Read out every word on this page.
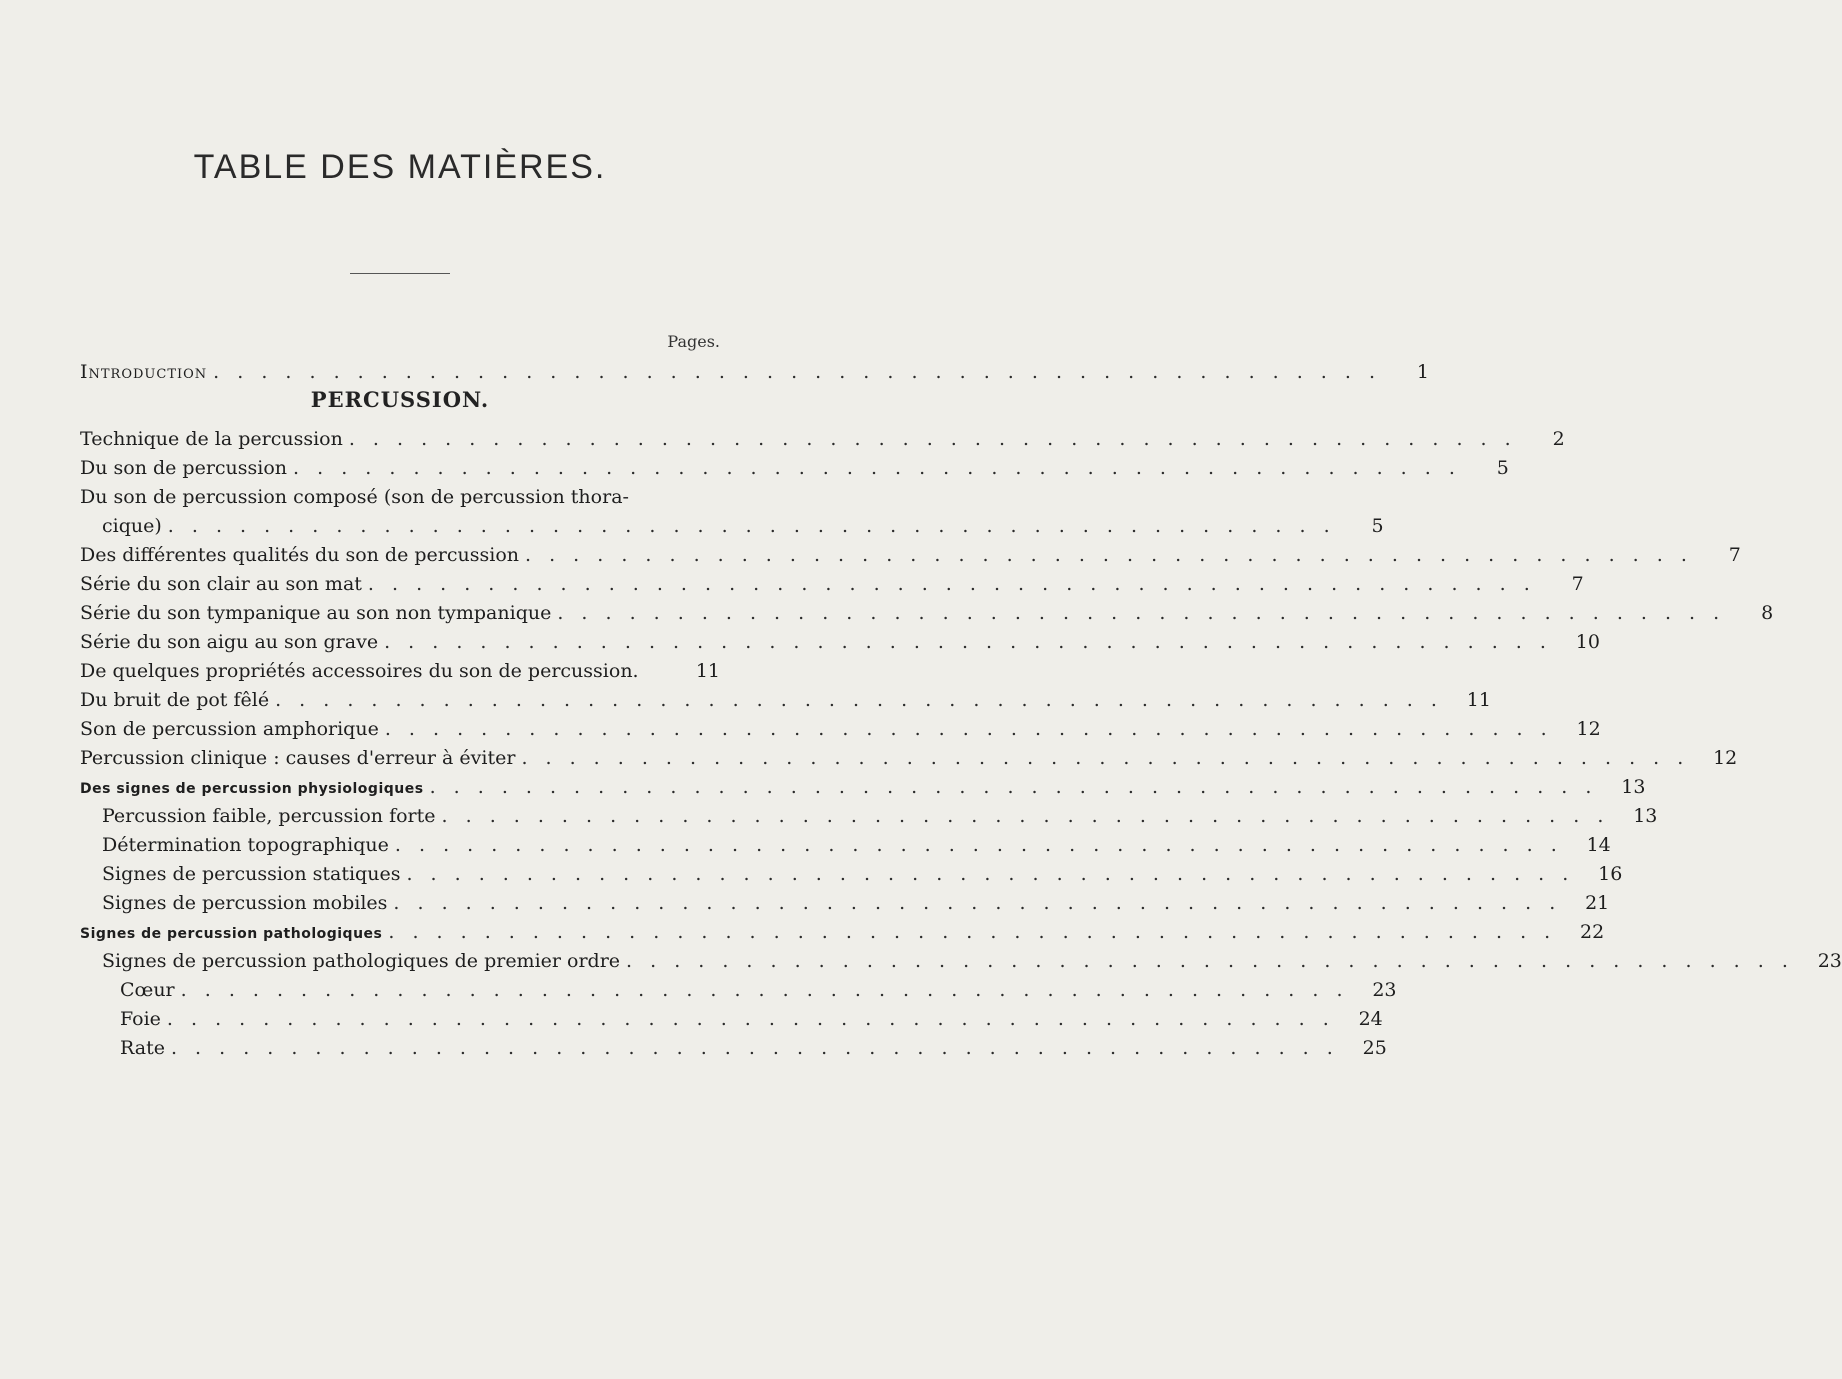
TABLE DES MATIÈRES.
Pages.
Introduction . . . . . . . . . . . . . . . . . . . . . . . . . . . . . . . . . . . . . . . . . . . . . . . . .	1
PERCUSSION.
Technique de la percussion . . . . . . . . . . . . . . . . . . . . . . . . . . . . . . . . . . . . . . . . . . . . . . . . .	2
Du son de percussion . . . . . . . . . . . . . . . . . . . . . . . . . . . . . . . . . . . . . . . . . . . . . . . . .	5
Du son de percussion composé (son de percussion thora-
cique) . . . . . . . . . . . . . . . . . . . . . . . . . . . . . . . . . . . . . . . . . . . . . . . . .	5
Des différentes qualités du son de percussion . . . . . . . . . . . . . . . . . . . . . . . . . . . . . . . . . . . . . . . . . . . . . . . . .	7
Série du son clair au son mat . . . . . . . . . . . . . . . . . . . . . . . . . . . . . . . . . . . . . . . . . . . . . . . . .	7
Série du son tympanique au son non tympanique . . . . . . . . . . . . . . . . . . . . . . . . . . . . . . . . . . . . . . . . . . . . . . . . .	8
Série du son aigu au son grave . . . . . . . . . . . . . . . . . . . . . . . . . . . . . . . . . . . . . . . . . . . . . . . . .	10
De quelques propriétés accessoires du son de percussion.	11
Du bruit de pot fêlé . . . . . . . . . . . . . . . . . . . . . . . . . . . . . . . . . . . . . . . . . . . . . . . . .	11
Son de percussion amphorique . . . . . . . . . . . . . . . . . . . . . . . . . . . . . . . . . . . . . . . . . . . . . . . . .	12
Percussion clinique : causes d'erreur à éviter . . . . . . . . . . . . . . . . . . . . . . . . . . . . . . . . . . . . . . . . . . . . . . . . .	12
Des signes de percussion physiologiques . . . . . . . . . . . . . . . . . . . . . . . . . . . . . . . . . . . . . . . . . . . . . . . . .	13
Percussion faible, percussion forte . . . . . . . . . . . . . . . . . . . . . . . . . . . . . . . . . . . . . . . . . . . . . . . . .	13
Détermination topographique . . . . . . . . . . . . . . . . . . . . . . . . . . . . . . . . . . . . . . . . . . . . . . . . .	14
Signes de percussion statiques . . . . . . . . . . . . . . . . . . . . . . . . . . . . . . . . . . . . . . . . . . . . . . . . .	16
Signes de percussion mobiles . . . . . . . . . . . . . . . . . . . . . . . . . . . . . . . . . . . . . . . . . . . . . . . . .	21
Signes de percussion pathologiques . . . . . . . . . . . . . . . . . . . . . . . . . . . . . . . . . . . . . . . . . . . . . . . . .	22
Signes de percussion pathologiques de premier ordre . . . . . . . . . . . . . . . . . . . . . . . . . . . . . . . . . . . . . . . . . . . . . . . . .	23
Cœur . . . . . . . . . . . . . . . . . . . . . . . . . . . . . . . . . . . . . . . . . . . . . . . . .	23
Foie . . . . . . . . . . . . . . . . . . . . . . . . . . . . . . . . . . . . . . . . . . . . . . . . .	24
Rate . . . . . . . . . . . . . . . . . . . . . . . . . . . . . . . . . . . . . . . . . . . . . . . . .	25
